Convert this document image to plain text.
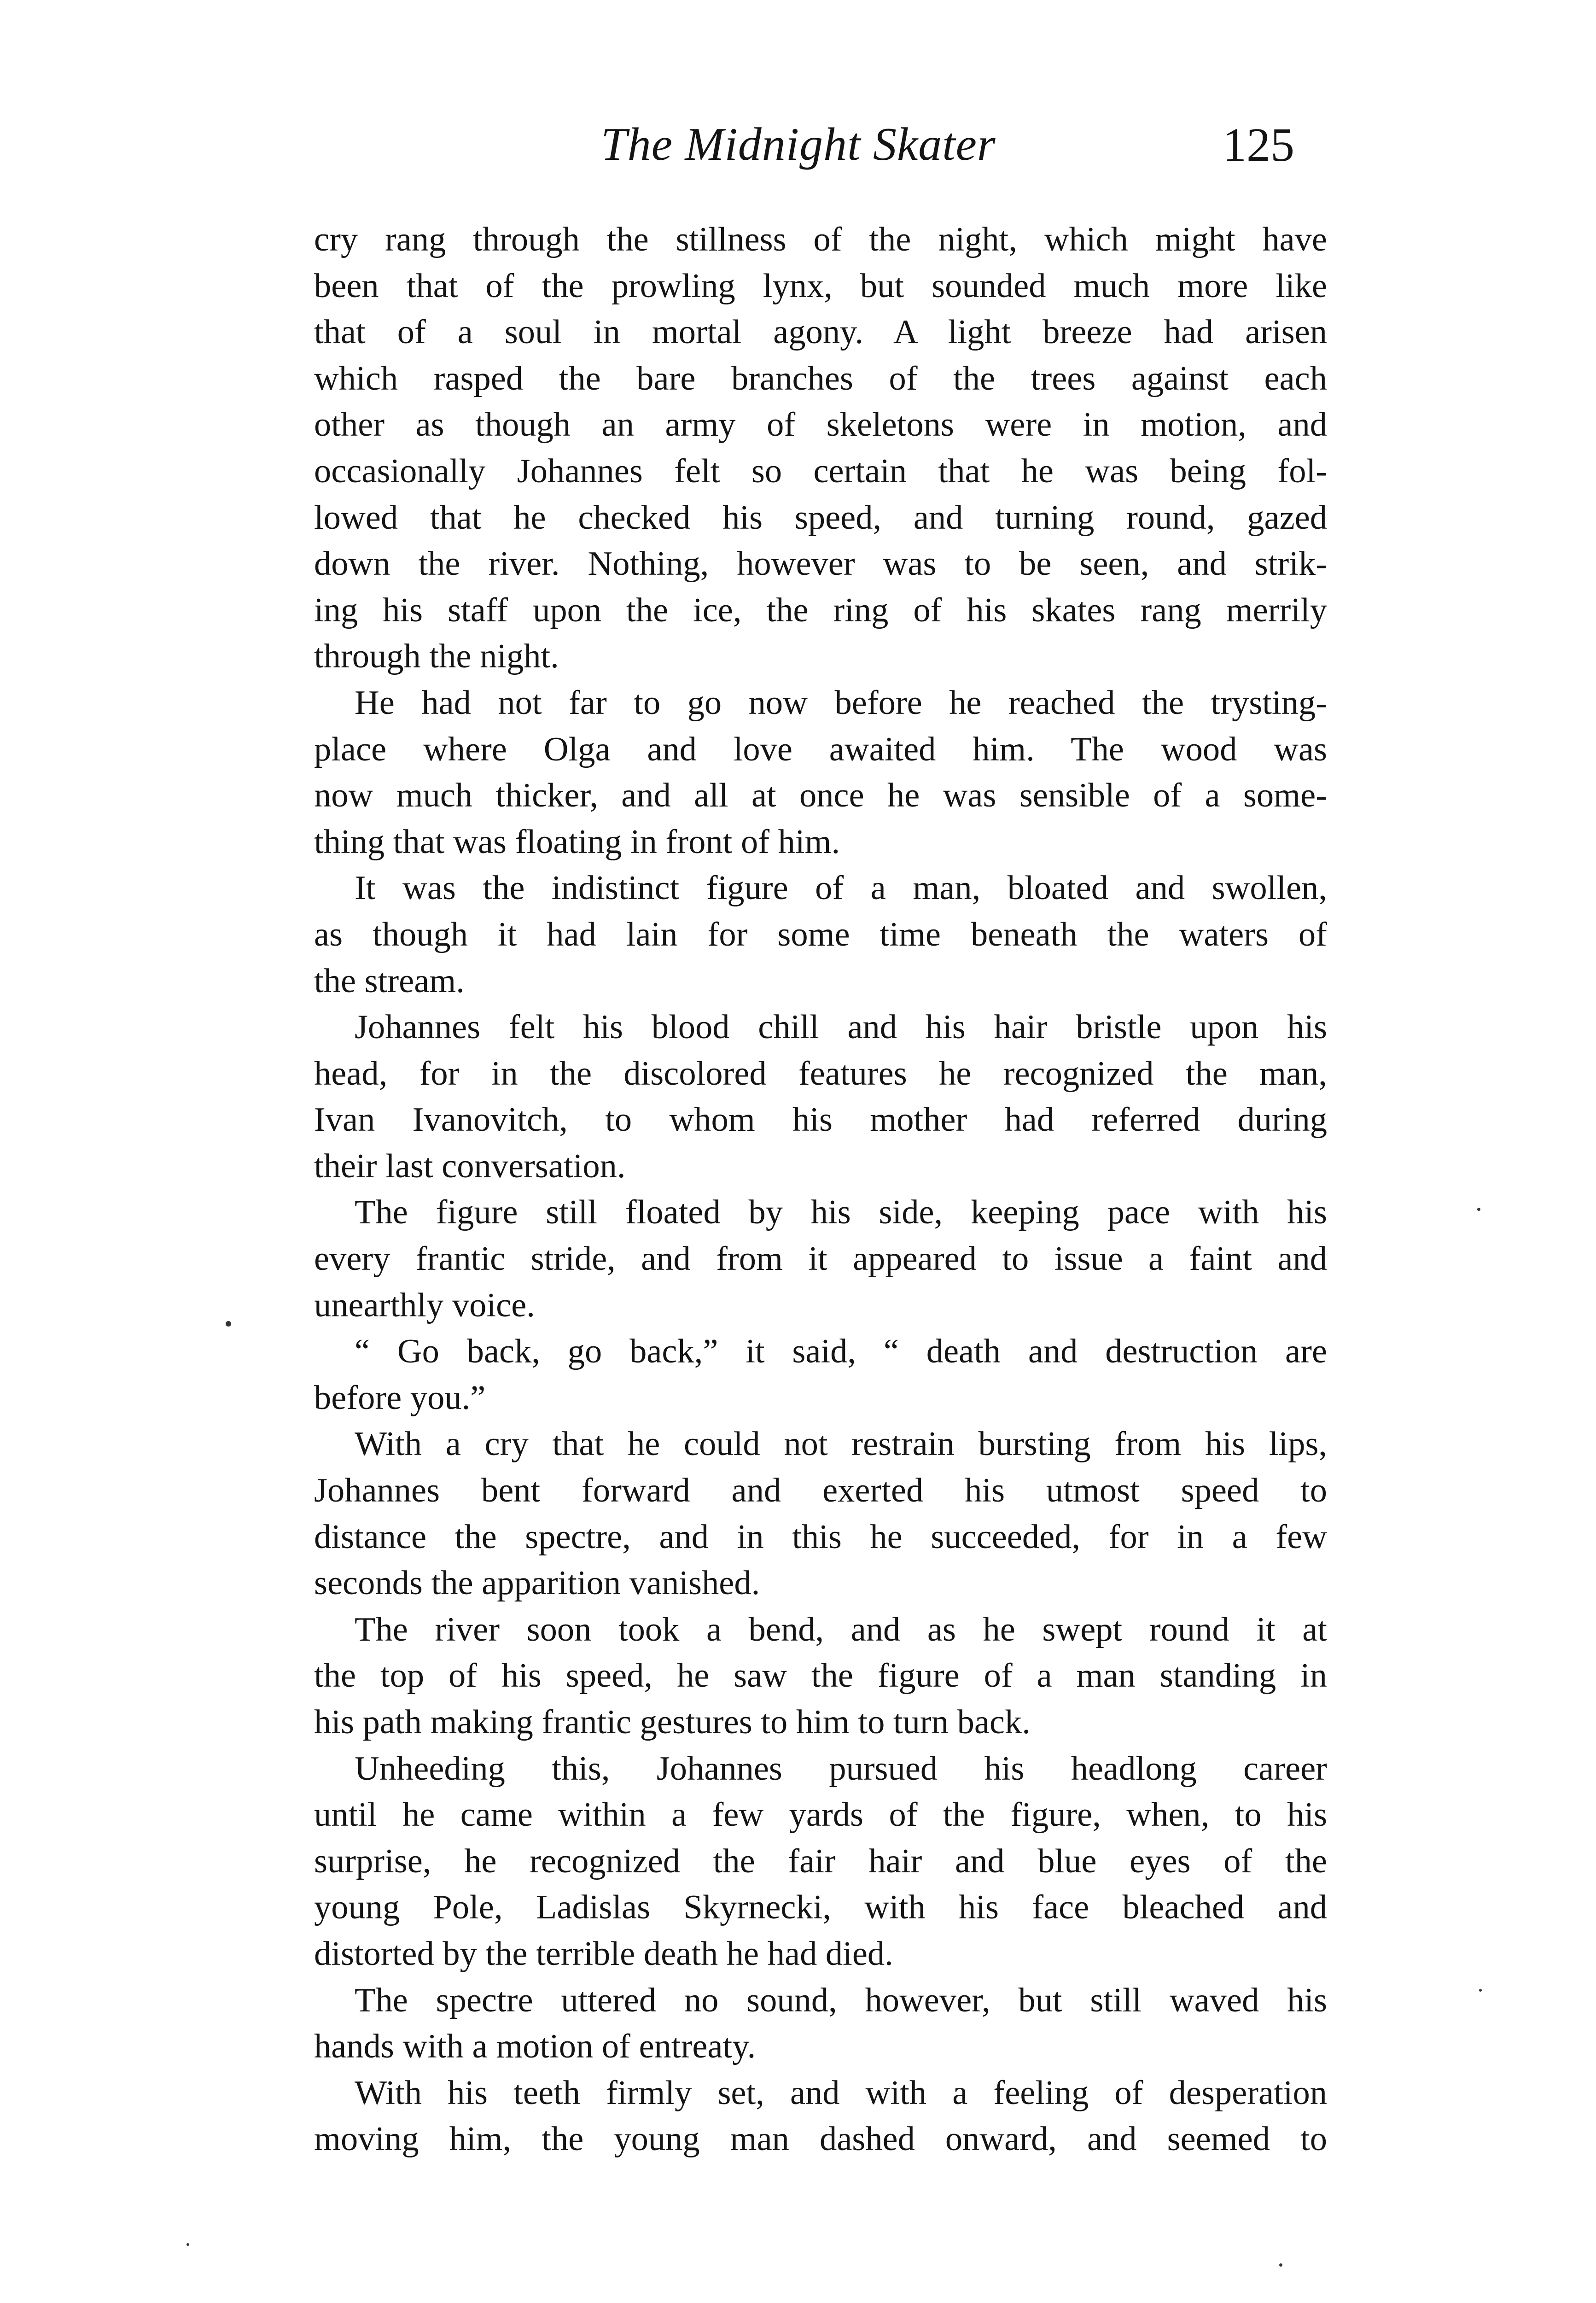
The Midnight Skater	125

cry rang through the stillness of the night, which might have

been that of the prowling lynx, but sounded much more like

that of a soul in mortal agony. A light breeze had arisen

which rasped the bare branches of the trees against each

other as though an army of skeletons were in motion, and

occasionally Johannes felt so certain that he was being fol-

lowed that he checked his speed, and turning round, gazed

down the river. Nothing, however was to be seen, and strik-

ing his staff upon the ice, the ring of his skates rang merrily

through the night.

He had not far to go now before he reached the trysting-

place where Olga and love awaited him. The wood was

now much thicker, and all at once he was sensible of a some-

thing that was floating in front of him.

It was the indistinct figure of a man, bloated and swollen,

as though it had lain for some time beneath the waters of

the stream.

Johannes felt his blood chill and his hair bristle upon his

head, for in the discolored features he recognized the man,

Ivan Ivanovitch, to whom his mother had referred during

their last conversation.

The figure still floated by his side, keeping pace with his

every frantic stride, and from it appeared to issue a faint and

unearthly voice.

“ Go back, go back,” it said, “ death and destruction are

before you.”

With a cry that he could not restrain bursting from his lips,

Johannes bent forward and exerted his utmost speed to

distance the spectre, and in this he succeeded, for in a few

seconds the apparition vanished.

The river soon took a bend, and as he swept round it at

the top of his speed, he saw the figure of a man standing in

his path making frantic gestures to him to turn back.

Unheeding this, Johannes pursued his headlong career

until he came within a few yards of the figure, when, to his

surprise, he recognized the fair hair and blue eyes of the

young Pole, Ladislas Skyrnecki, with his face bleached and

distorted by the terrible death he had died.

The spectre uttered no sound, however, but still waved his

hands with a motion of entreaty.

With his teeth firmly set, and with a feeling of desperation

moving him, the young man dashed onward, and seemed to
